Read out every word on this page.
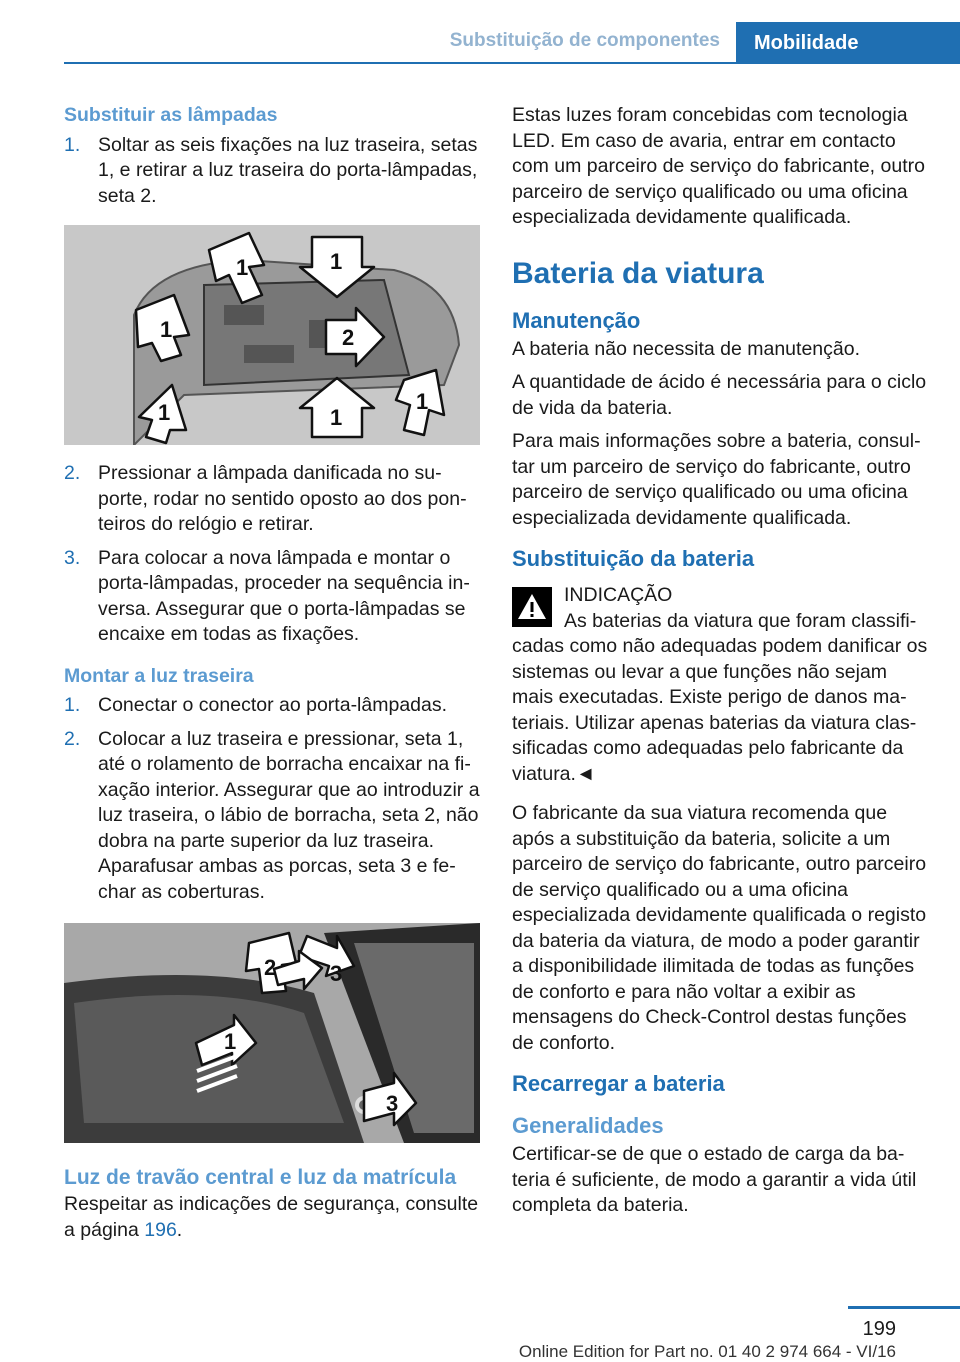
Substituição de componentes	Mobilidade
Substituir as lâmpadas
1. Soltar as seis fixações na luz traseira, setas 1, e retirar a luz traseira do porta-lâmpadas, seta 2.
1	1
1
1
1
2
1
2. Pressionar a lâmpada danificada no suporte, rodar no sentido oposto ao dos ponteiros do relógio e retirar.
3. Para colocar a nova lâmpada e montar o porta-lâmpadas, proceder na sequência inversa. Assegurar que o porta-lâmpadas se encaixe em todas as fixações.
Montar a luz traseira
1. Conectar o conector ao porta-lâmpadas.
2. Colocar a luz traseira e pressionar, seta 1, até o rolamento de borracha encaixar na fixação interior. Assegurar que ao introduzir a luz traseira, o lábio de borracha, seta 2, não dobra na parte superior da luz traseira. Aparafusar ambas as porcas, seta 3 e fechar as coberturas.
2 3
1
3
Luz de travão central e luz da matrícula

Respeitar as indicações de segurança, consulte a página 196.

Estas luzes foram concebidas com tecnologia LED. Em caso de avaria, entrar em contacto com um parceiro de serviço do fabricante, outro parceiro de serviço qualificado ou uma oficina especializada devidamente qualificada.

Bateria da viatura
Manutenção

A bateria não necessita de manutenção.

A quantidade de ácido é necessária para o ciclo de vida da bateria.

Para mais informações sobre a bateria, consultar um parceiro de serviço do fabricante, outro parceiro de serviço qualificado ou uma oficina especializada devidamente qualificada.

Substituição da bateria
INDICAÇÃO

As baterias da viatura que foram classificadas como não adequadas podem danificar os sistemas ou levar a que funções não sejam mais executadas. Existe perigo de danos materiais. Utilizar apenas baterias da viatura classificadas como adequadas pelo fabricante da viatura.◄

O fabricante da sua viatura recomenda que após a substituição da bateria, solicite a um parceiro de serviço do fabricante, outro parceiro de serviço qualificado ou a uma oficina especializada devidamente qualificada o registo da bateria da viatura, de modo a poder garantir a disponibilidade ilimitada de todas as funções de conforto e para não voltar a exibir as mensagens do Check-Control destas funções de conforto.

Recarregar a bateria
Generalidades

Certificar-se de que o estado de carga da bateria é suficiente, de modo a garantir a vida útil completa da bateria.

199
Online Edition for Part no. 01 40 2 974 664 - VI/16
